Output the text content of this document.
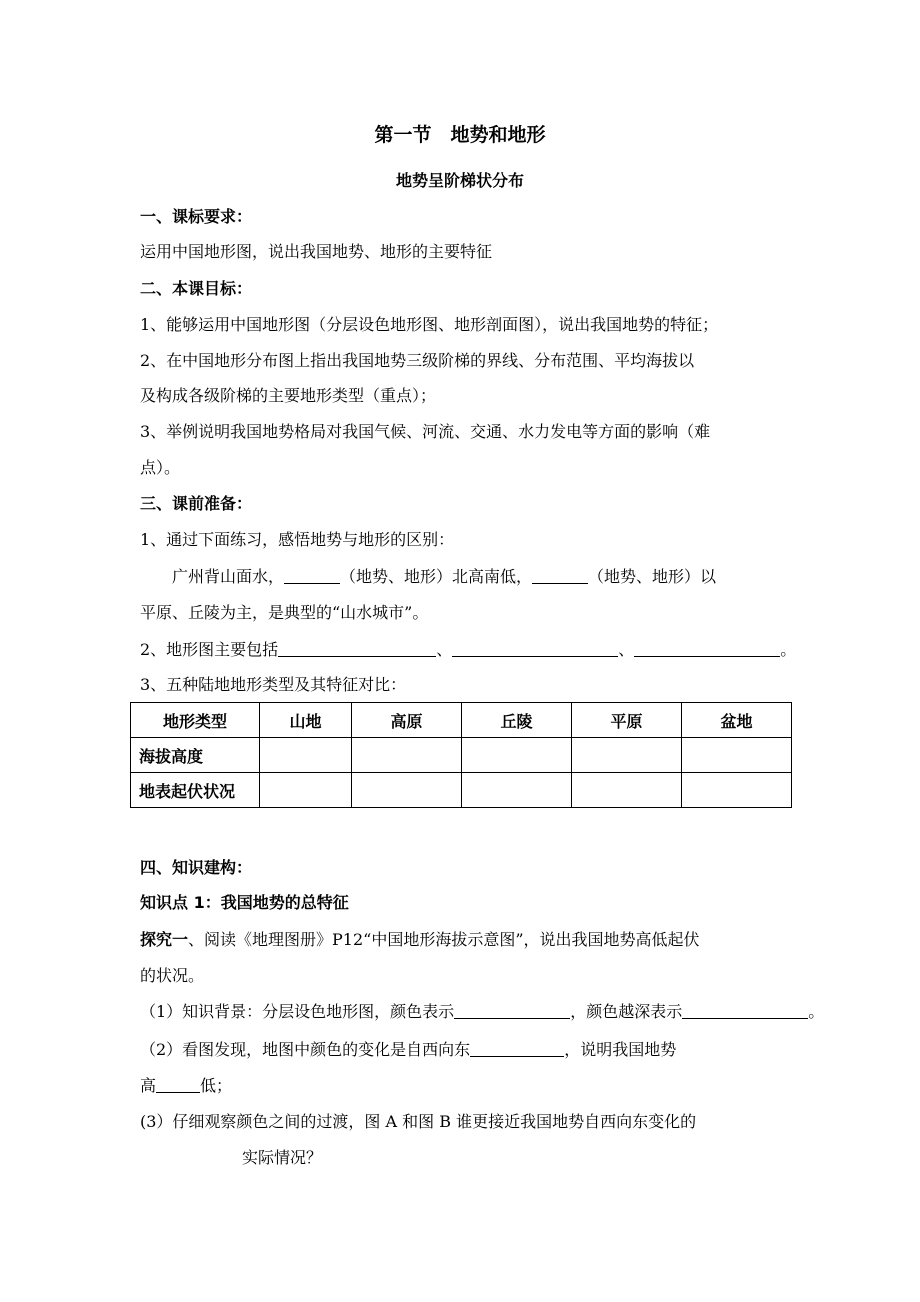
第一节　地势和地形
地势呈阶梯状分布
一、课标要求：
运用中国地形图，说出我国地势、地形的主要特征
二、本课目标：
1、能够运用中国地形图（分层设色地形图、地形剖面图），说出我国地势的特征；
2、在中国地形分布图上指出我国地势三级阶梯的界线、分布范围、平均海拔以
及构成各级阶梯的主要地形类型（重点）；
3、举例说明我国地势格局对我国气候、河流、交通、水力发电等方面的影响（难
点）。
三、课前准备：
1、通过下面练习，感悟地势与地形的区别：
广州背山面水，	（地势、地形）北高南低，	（地势、地形）以
平原、丘陵为主，是典型的“山水城市”。
2、地形图主要包括	、	、	。
3、五种陆地地形类型及其特征对比：
地形类型	山地	高原	丘陵	平原	盆地
海拔高度					
地表起伏状况					
四、知识建构：
知识点 1：我国地势的总特征
探究一、阅读《地理图册》P12“中国地形海拔示意图”，说出我国地势高低起伏
的状况。
（1）知识背景：分层设色地形图，颜色表示	，颜色越深表示	。
（2）看图发现，地图中颜色的变化是自西向东	，说明我国地势
高	低；
(3）仔细观察颜色之间的过渡，图 A 和图 B 谁更接近我国地势自西向东变化的
实际情况？
